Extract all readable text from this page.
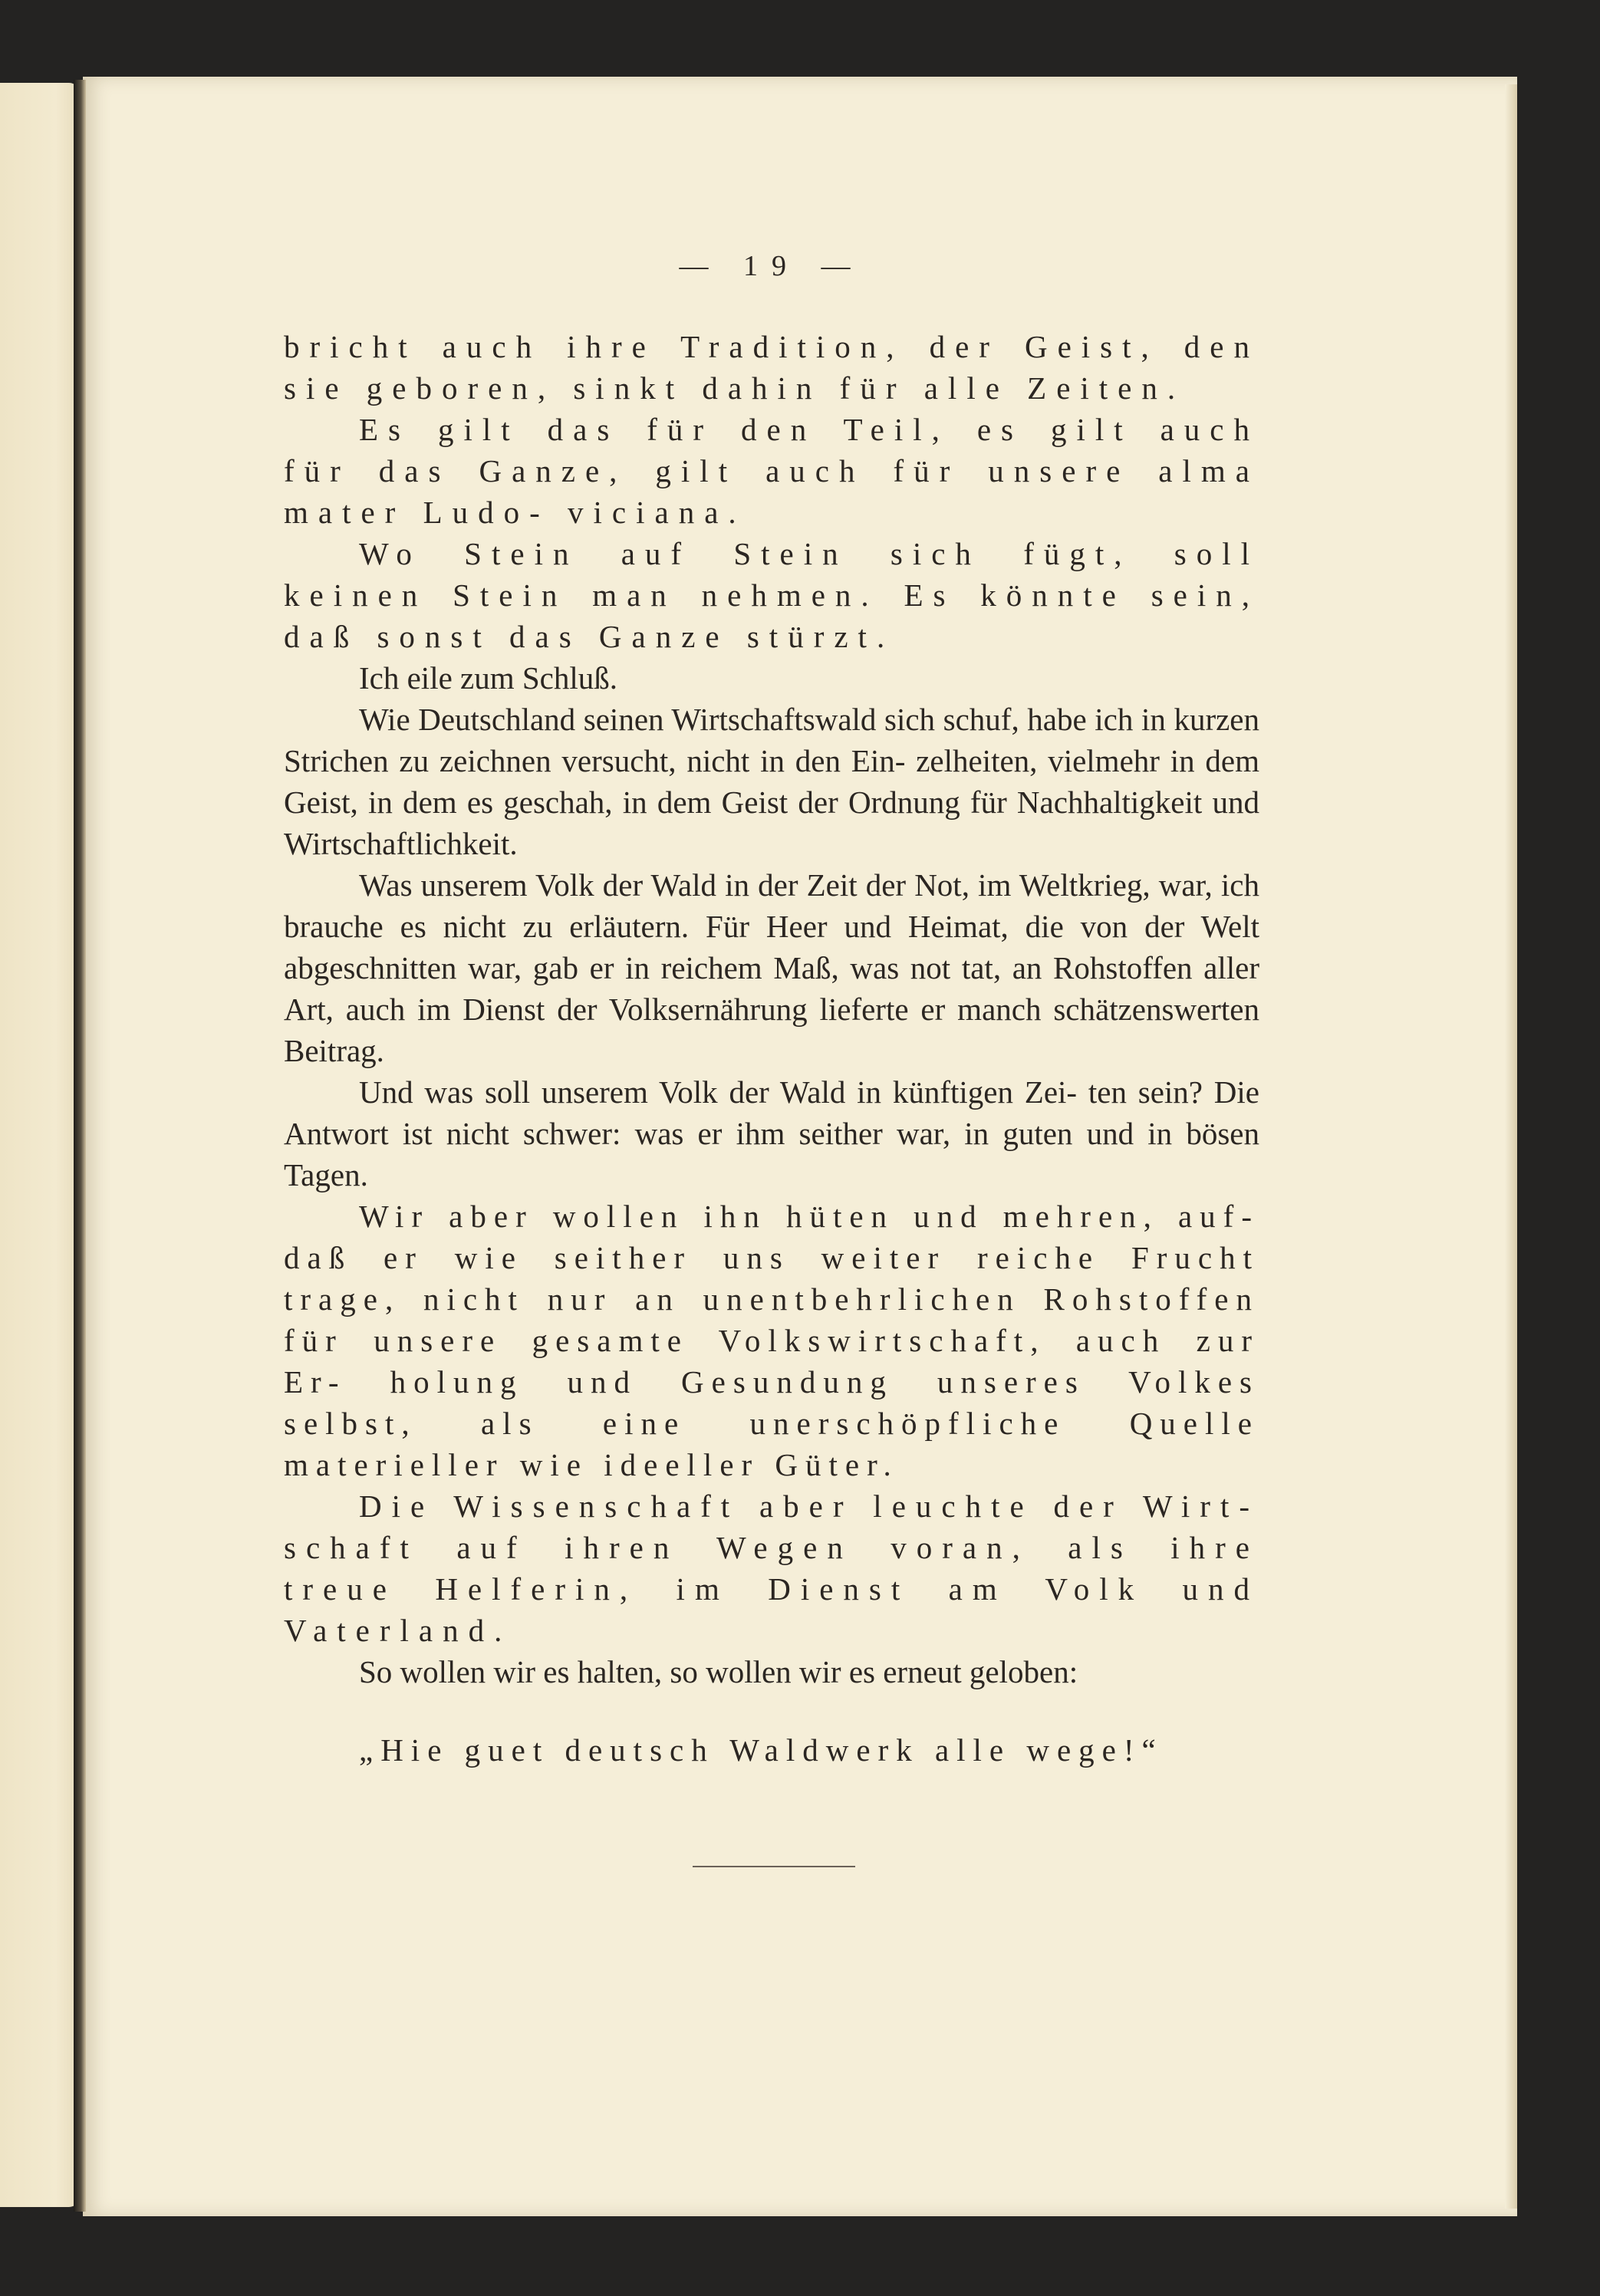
— 19 —

bricht auch ihre Tradition, der Geist, den sie geboren, sinkt dahin für alle Zeiten.

Es gilt das für den Teil, es gilt auch für das Ganze, gilt auch für unsere alma mater Ludo- viciana.

Wo Stein auf Stein sich fügt, soll keinen Stein man nehmen. Es könnte sein, daß sonst das Ganze stürzt.

Ich eile zum Schluß.

Wie Deutschland seinen Wirtschaftswald sich schuf, habe ich in kurzen Strichen zu zeichnen versucht, nicht in den Ein- zelheiten, vielmehr in dem Geist, in dem es geschah, in dem Geist der Ordnung für Nachhaltigkeit und Wirtschaftlichkeit.

Was unserem Volk der Wald in der Zeit der Not, im Weltkrieg, war, ich brauche es nicht zu erläutern. Für Heer und Heimat, die von der Welt abgeschnitten war, gab er in reichem Maß, was not tat, an Rohstoffen aller Art, auch im Dienst der Volksernährung lieferte er manch schätzenswerten Beitrag.

Und was soll unserem Volk der Wald in künftigen Zei- ten sein? Die Antwort ist nicht schwer: was er ihm seither war, in guten und in bösen Tagen.

Wir aber wollen ihn hüten und mehren, auf- daß er wie seither uns weiter reiche Frucht trage, nicht nur an unentbehrlichen Rohstoffen für unsere gesamte Volkswirtschaft, auch zur Er- holung und Gesundung unseres Volkes selbst, als eine unerschöpfliche Quelle materieller wie ideeller Güter.

Die Wissenschaft aber leuchte der Wirt- schaft auf ihren Wegen voran, als ihre treue Helferin, im Dienst am Volk und Vaterland.

So wollen wir es halten, so wollen wir es erneut geloben:

„Hie guet deutsch Waldwerk alle wege!“
